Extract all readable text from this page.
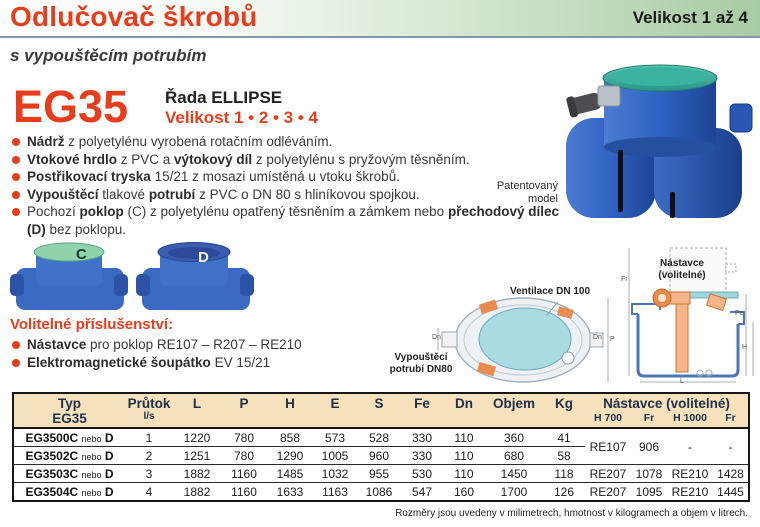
Odlučovač škrobů	Velikost 1 až 4
s vypouštěcím potrubím
EG35 Řada ELLIPSE
Velikost 1 • 2 • 3 • 4
Nádrž z polyetylénu vyrobená rotačním odléváním.
Vtokové hrdlo z PVC a výtokový díl z polyetylénu s pryžovým těsněním.
Postřikovací tryska 15/21 z mosazi umístěná u vtoku škrobů.
Vypouštěcí tlakové potrubí z PVC o DN 80 s hliníkovou spojkou.
Pochozí poklop (C) z polyetylénu opatřený těsněním a zámkem nebo přechodový dílec (D) bez poklopu.
Patentovaný model
C	D
Volitelné příslušenství:
Nástavce pro poklop RE107 – R207 – RE210
Elektromagnetické šoupátko EV 15/21
Nástavce (volitelné)
Ventilace DN 100
Vypouštěcí potrubí DN80
Dn	Dn P
Fr
Pe
H
L
Typ
EG35

Průtok
l/s
	L	P	H	E	S	Fe	Dn	Objem	Kg	Nástavce (volitelné)
											H 700	Fr	H 1000	Fr
EG3500C nebo D	1	1220	780	858	573	528	330	110	360	41	RE107	906	-	-
EG3502C nebo D	2	1251	780	1290	1005	960	330	110	680	58				
EG3503C nebo D	3	1882	1160	1485	1032	955	530	110	1450	118	RE207	1078	RE210	1428
EG3504C nebo D	4	1882	1160	1633	1163	1086	547	160	1700	126	RE207	1095	RE210	1445
Rozměry jsou uvedeny v milimetrech, hmotnost v kilogramech a objem v litrech.
